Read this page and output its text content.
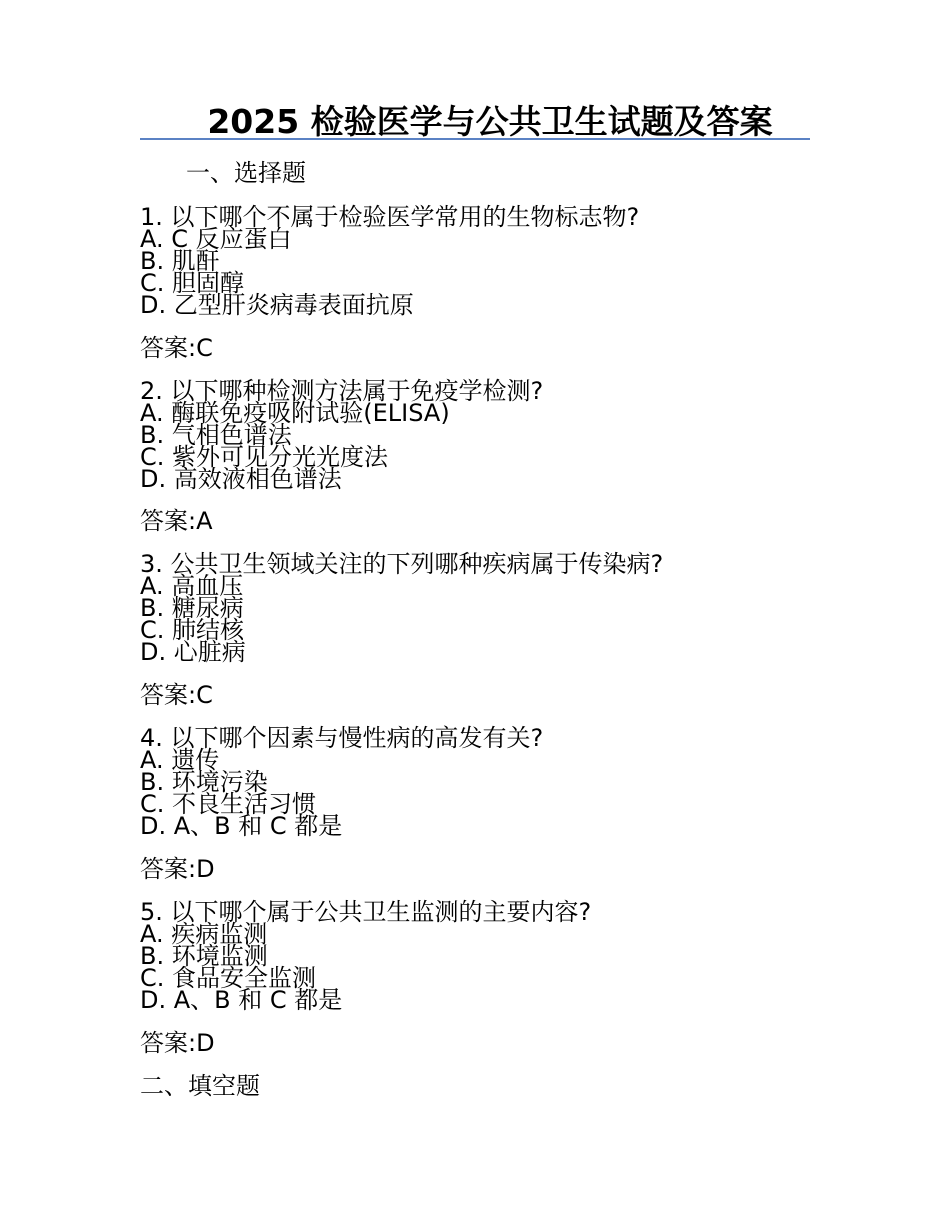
2025 检验医学与公共卫生试题及答案
一、选择题
1. 以下哪个不属于检验医学常用的生物标志物?
A. C 反应蛋白
B. 肌酐
C. 胆固醇
D. 乙型肝炎病毒表面抗原
答案:C
2. 以下哪种检测方法属于免疫学检测?
A. 酶联免疫吸附试验(ELISA)
B. 气相色谱法
C. 紫外可见分光光度法
D. 高效液相色谱法
答案:A
3. 公共卫生领域关注的下列哪种疾病属于传染病?
A. 高血压
B. 糖尿病
C. 肺结核
D. 心脏病
答案:C
4. 以下哪个因素与慢性病的高发有关?
A. 遗传
B. 环境污染
C. 不良生活习惯
D. A、B 和 C 都是
答案:D
5. 以下哪个属于公共卫生监测的主要内容?
A. 疾病监测
B. 环境监测
C. 食品安全监测
D. A、B 和 C 都是
答案:D
二、填空题
